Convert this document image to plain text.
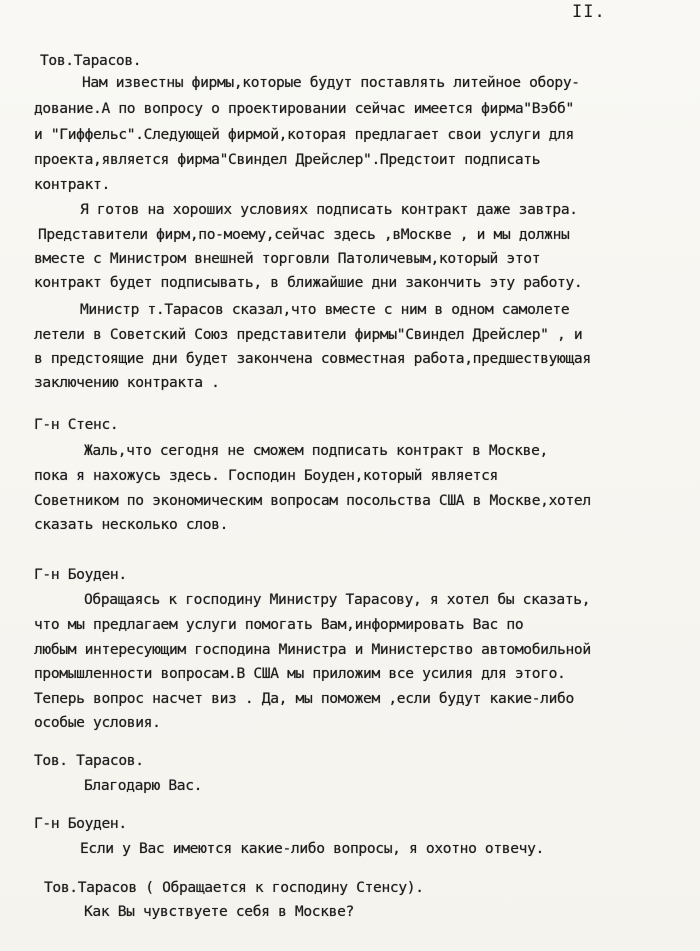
II.
Тов.Тарасов.
Нам известны фирмы,которые будут поставлять литейное обору-
дование.А по вопросу о проектировании сейчас имеется фирма"Вэбб"
и "Гиффельс".Следующей фирмой,которая предлагает свои услуги для
проекта,является фирма"Свиндел Дрейслер".Предстоит подписать
контракт.
Я готов на хороших условиях подписать контракт даже завтра.
Представители фирм,по-моему,сейчас здесь ,вМоскве , и мы должны
вместе с Министром внешней торговли Патоличевым,который этот
контракт будет подписывать, в ближайшие дни закончить эту работу.
Министр т.Тарасов сказал,что вместе с ним в одном самолете
летели в Советский Союз представители фирмы"Свиндел Дрейслер" , и
в предстоящие дни будет закончена совместная работа,предшествующая
заключению контракта .
Г-н Стенс.
Жаль,что сегодня не сможем подписать контракт в Москве,
пока я нахожусь здесь. Господин Боуден,который является
Советником по экономическим вопросам посольства США в Москве,хотел
сказать несколько слов.
Г-н Боуден.
Обращаясь к господину Министру Тарасову, я хотел бы сказать,
что мы предлагаем услуги помогать Вам,информировать Вас по
любым интересующим господина Министра и Министерство автомобильной
промышленности вопросам.В США мы приложим все усилия для этого.
Теперь вопрос насчет виз . Да, мы поможем ,если будут какие-либо
особые условия.
Тов. Тарасов.
Благодарю Вас.
Г-н Боуден.
Если у Вас имеются какие-либо вопросы, я охотно отвечу.
Тов.Тарасов ( Обращается к господину Стенсу).
Как Вы чувствуете себя в Москве?
